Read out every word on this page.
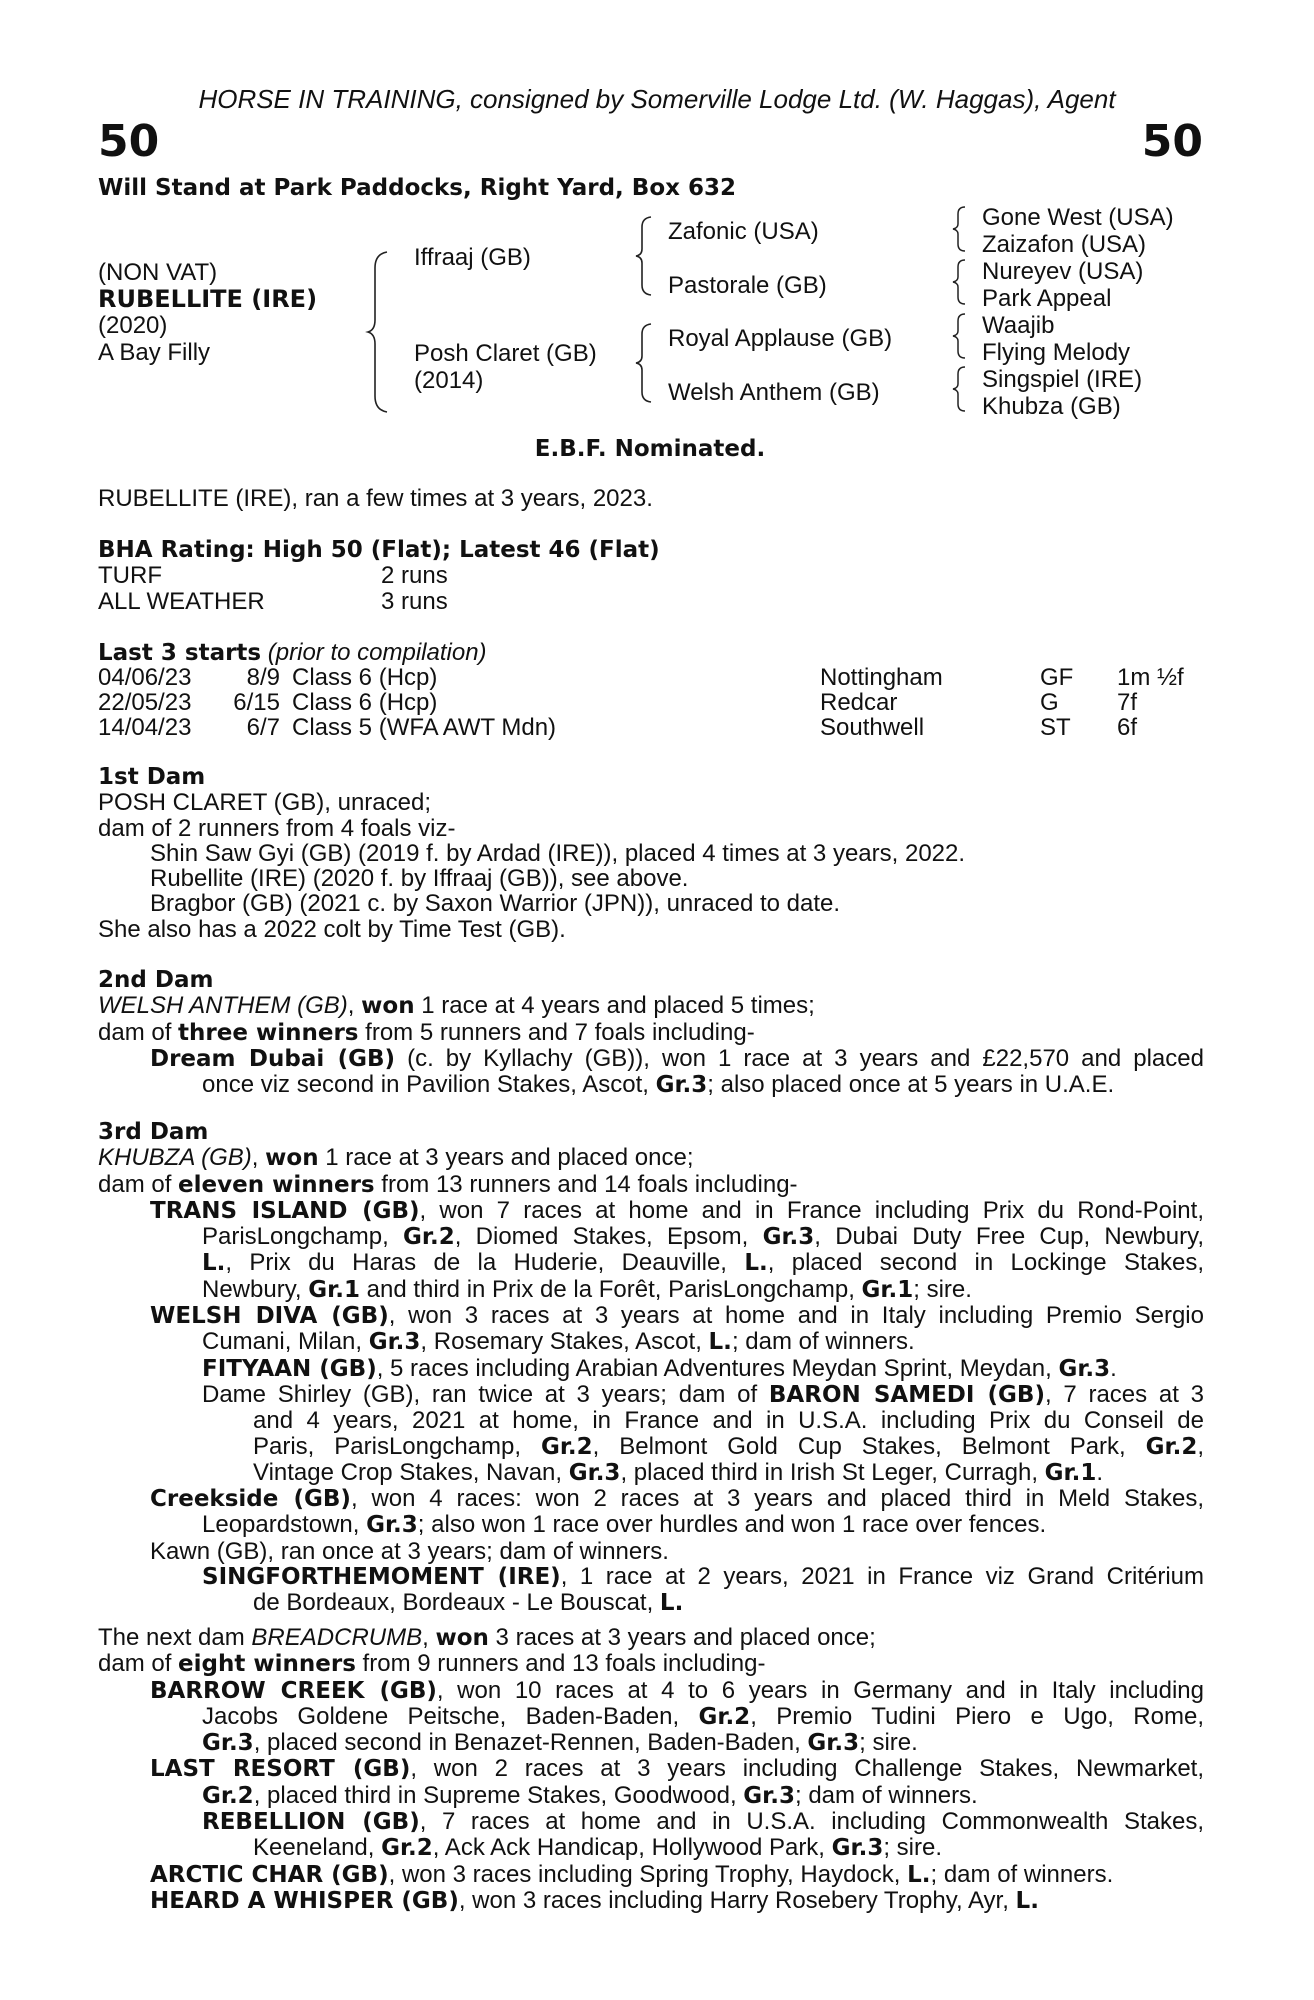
HORSE IN TRAINING, consigned by Somerville Lodge Ltd. (W. Haggas), Agent
50	50
Will Stand at Park Paddocks, Right Yard, Box 632
(NON VAT)
RUBELLITE (IRE)
(2020)
A Bay Filly
Iffraaj (GB)
Posh Claret (GB)
(2014)
Zafonic (USA)
Pastorale (GB)
Royal Applause (GB)
Welsh Anthem (GB)
Gone West (USA)
Zaizafon (USA)
Nureyev (USA)
Park Appeal
Waajib
Flying Melody
Singspiel (IRE)
Khubza (GB)
E.B.F. Nominated.
RUBELLITE (IRE), ran a few times at 3 years, 2023.
BHA Rating: High 50 (Flat); Latest 46 (Flat)
TURF	2 runs
ALL WEATHER	3 runs
Last 3 starts (prior to compilation)
04/06/23	8/9 Class 6 (Hcp)	Nottingham	GF 1m ½f
22/05/23	6/15 Class 6 (Hcp)	Redcar	G 7f
14/04/23	6/7 Class 5 (WFA AWT Mdn)	Southwell	ST 6f
1st Dam
POSH CLARET (GB), unraced;
dam of 2 runners from 4 foals viz-
Shin Saw Gyi (GB) (2019 f. by Ardad (IRE)), placed 4 times at 3 years, 2022.
Rubellite (IRE) (2020 f. by Iffraaj (GB)), see above.
Bragbor (GB) (2021 c. by Saxon Warrior (JPN)), unraced to date.
She also has a 2022 colt by Time Test (GB).
2nd Dam
WELSH ANTHEM (GB), won 1 race at 4 years and placed 5 times;
dam of three winners from 5 runners and 7 foals including-
Dream Dubai (GB) (c. by Kyllachy (GB)), won 1 race at 3 years and £22,570 and placed
once viz second in Pavilion Stakes, Ascot, Gr.3; also placed once at 5 years in U.A.E.
3rd Dam
KHUBZA (GB), won 1 race at 3 years and placed once;
dam of eleven winners from 13 runners and 14 foals including-
TRANS ISLAND (GB), won 7 races at home and in France including Prix du Rond-Point,
ParisLongchamp, Gr.2, Diomed Stakes, Epsom, Gr.3, Dubai Duty Free Cup, Newbury,
L., Prix du Haras de la Huderie, Deauville, L., placed second in Lockinge Stakes,
Newbury, Gr.1 and third in Prix de la Forêt, ParisLongchamp, Gr.1; sire.
WELSH DIVA (GB), won 3 races at 3 years at home and in Italy including Premio Sergio
Cumani, Milan, Gr.3, Rosemary Stakes, Ascot, L.; dam of winners.
FITYAAN (GB), 5 races including Arabian Adventures Meydan Sprint, Meydan, Gr.3.
Dame Shirley (GB), ran twice at 3 years; dam of BARON SAMEDI (GB), 7 races at 3
and 4 years, 2021 at home, in France and in U.S.A. including Prix du Conseil de
Paris, ParisLongchamp, Gr.2, Belmont Gold Cup Stakes, Belmont Park, Gr.2,
Vintage Crop Stakes, Navan, Gr.3, placed third in Irish St Leger, Curragh, Gr.1.
Creekside (GB), won 4 races: won 2 races at 3 years and placed third in Meld Stakes,
Leopardstown, Gr.3; also won 1 race over hurdles and won 1 race over fences.
Kawn (GB), ran once at 3 years; dam of winners.
SINGFORTHEMOMENT (IRE), 1 race at 2 years, 2021 in France viz Grand Critérium
de Bordeaux, Bordeaux - Le Bouscat, L.
The next dam BREADCRUMB, won 3 races at 3 years and placed once;
dam of eight winners from 9 runners and 13 foals including-
BARROW CREEK (GB), won 10 races at 4 to 6 years in Germany and in Italy including
Jacobs Goldene Peitsche, Baden-Baden, Gr.2, Premio Tudini Piero e Ugo, Rome,
Gr.3, placed second in Benazet-Rennen, Baden-Baden, Gr.3; sire.
LAST RESORT (GB), won 2 races at 3 years including Challenge Stakes, Newmarket,
Gr.2, placed third in Supreme Stakes, Goodwood, Gr.3; dam of winners.
REBELLION (GB), 7 races at home and in U.S.A. including Commonwealth Stakes,
Keeneland, Gr.2, Ack Ack Handicap, Hollywood Park, Gr.3; sire.
ARCTIC CHAR (GB), won 3 races including Spring Trophy, Haydock, L.; dam of winners.
HEARD A WHISPER (GB), won 3 races including Harry Rosebery Trophy, Ayr, L.
